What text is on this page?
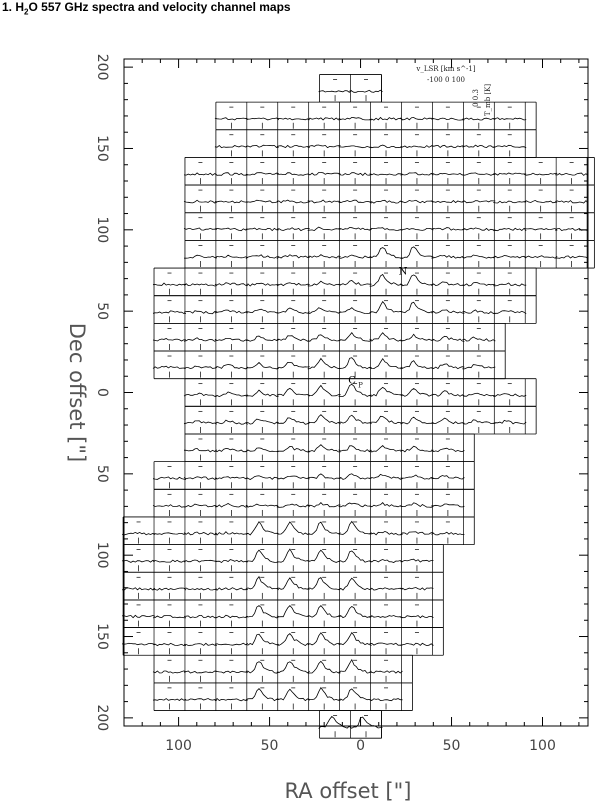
1. $H_2O$ 557 GHz spectra and velocity channel maps
100	50	0	50	100
200
150
100
50
0
50
100
150
200
N
C P
v_LSR [km s^-1]
-100 0 100
0 0.3 T_mb [K]
RA offset ["]
Dec offset ["]
